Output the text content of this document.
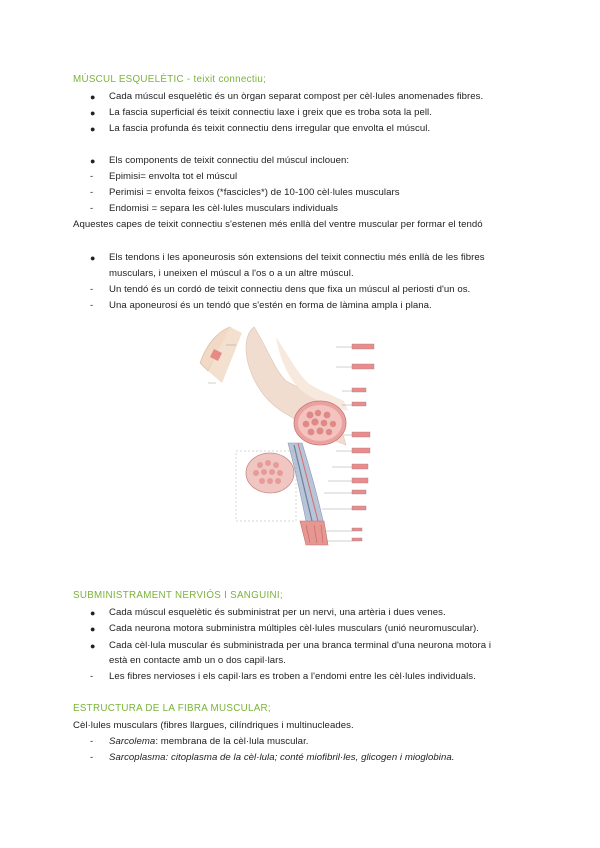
MÚSCUL ESQUELÈTIC - teixit connectiu;
● Cada múscul esquelètic és un òrgan separat compost per cèl·lules anomenades fibres.
● La fascia superficial és teixit connectiu laxe i greix que es troba sota la pell.
● La fascia profunda és teixit connectiu dens irregular que envolta el múscul.
● Els components de teixit connectiu del múscul inclouen:
- Epimisi= envolta tot el múscul
- Perimisi = envolta feixos (*fascicles*) de 10-100 cèl·lules musculars
- Endomisi = separa les cèl·lules musculars individuals
Aquestes capes de teixit connectiu s'estenen més enllà del ventre muscular per formar el tendó
● Els tendons i les aponeurosis són extensions del teixit connectiu més enllà de les fibres
musculars, i uneixen el múscul a l'os o a un altre múscul.
- Un tendó és un cordó de teixit connectiu dens que fixa un múscul al periosti d'un os.
- Una aponeurosi és un tendó que s'estén en forma de làmina ampla i plana.
SUBMINISTRAMENT NERVIÓS I SANGUINI;
● Cada múscul esquelètic és subministrat per un nervi, una artèria i dues venes.
● Cada neurona motora subministra múltiples cèl·lules musculars (unió neuromuscular).
● Cada cèl·lula muscular és subministrada per una branca terminal d'una neurona motora i
està en contacte amb un o dos capil·lars.
- Les fibres nervioses i els capil·lars es troben a l'endomi entre les cèl·lules individuals.
ESTRUCTURA DE LA FIBRA MUSCULAR;
Cèl·lules musculars (fibres llargues, cilíndriques i multinucleades.
- Sarcolema: membrana de la cèl·lula muscular.
- Sarcoplasma: citoplasma de la cèl·lula; conté miofibril·les, glicogen i mioglobina.
